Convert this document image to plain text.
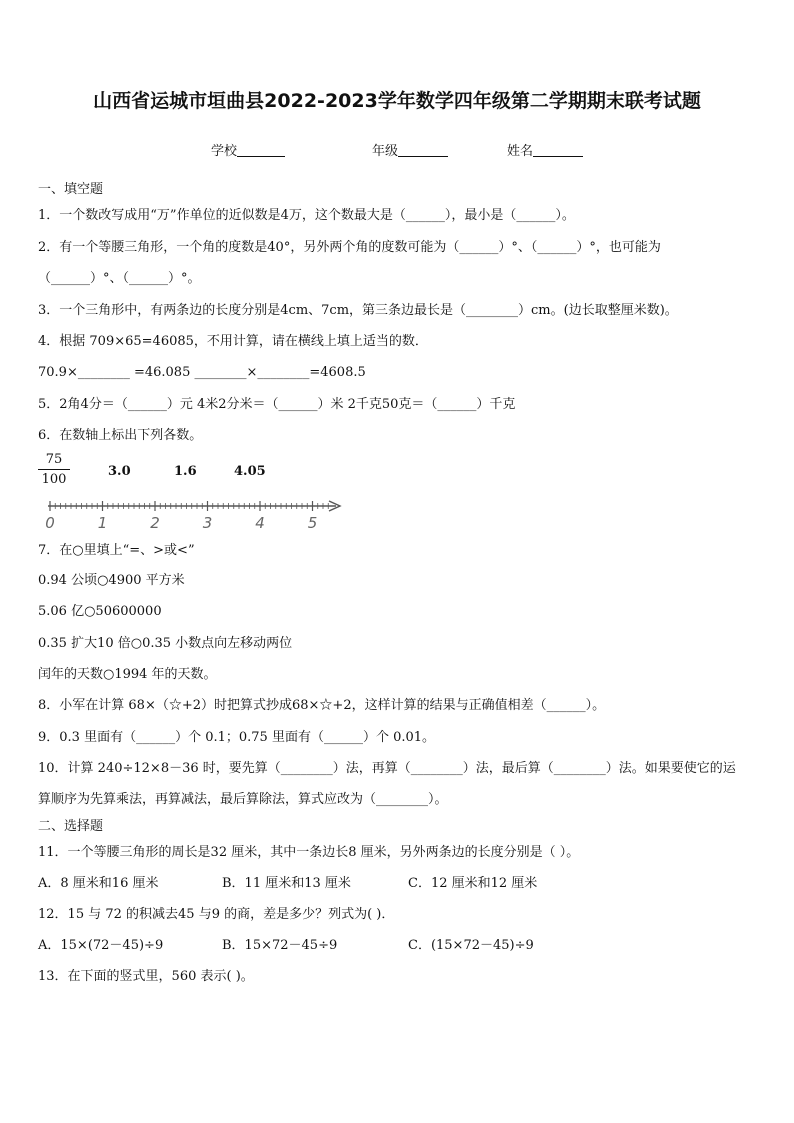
山西省运城市垣曲县2022-2023学年数学四年级第二学期期末联考试题
学校	年级	姓名
一、填空题
1．一个数改写成用“万”作单位的近似数是4万，这个数最大是（______），最小是（______）。
2．有一个等腰三角形，一个角的度数是40°，另外两个角的度数可能为（______）°、（______）°，也可能为
（______）°、（______）°。
3．一个三角形中，有两条边的长度分别是4cm、7cm，第三条边最长是（________）cm。(边长取整厘米数)。
4．根据 709×65=46085，不用计算，请在横线上填上适当的数．
70.9×________ =46.085 ________×________=4608.5
5．2角4分＝（______）元 4米2分米＝（______）米 2千克50克＝（______）千克
6．在数轴上标出下列各数。
$\frac{75}{100}$	3.0	1.6	4.05
0	1	2	3	4	5
7．在○里填上“=、>或<”
0.94 公顷○4900 平方米
5.06 亿○50600000
0.35 扩大10 倍○0.35 小数点向左移动两位
闰年的天数○1994 年的天数。
8．小军在计算 68×（☆+2）时把算式抄成68×☆+2，这样计算的结果与正确值相差（______）。
9．0.3 里面有（______）个 0.1；0.75 里面有（______）个 0.01。
10．计算 240÷12×8－36 时，要先算（________）法，再算（________）法，最后算（________）法。如果要使它的运
算顺序为先算乘法，再算减法，最后算除法，算式应改为（________）。
二、选择题
11．一个等腰三角形的周长是32 厘米，其中一条边长8 厘米，另外两条边的长度分别是（ ）。
A．8 厘米和16 厘米	B．11 厘米和13 厘米	C．12 厘米和12 厘米
12．15 与 72 的积减去45 与9 的商，差是多少？列式为( )．
A．15×(72－45)÷9	B．15×72－45÷9	C．(15×72－45)÷9
13．在下面的竖式里，560 表示( )。
